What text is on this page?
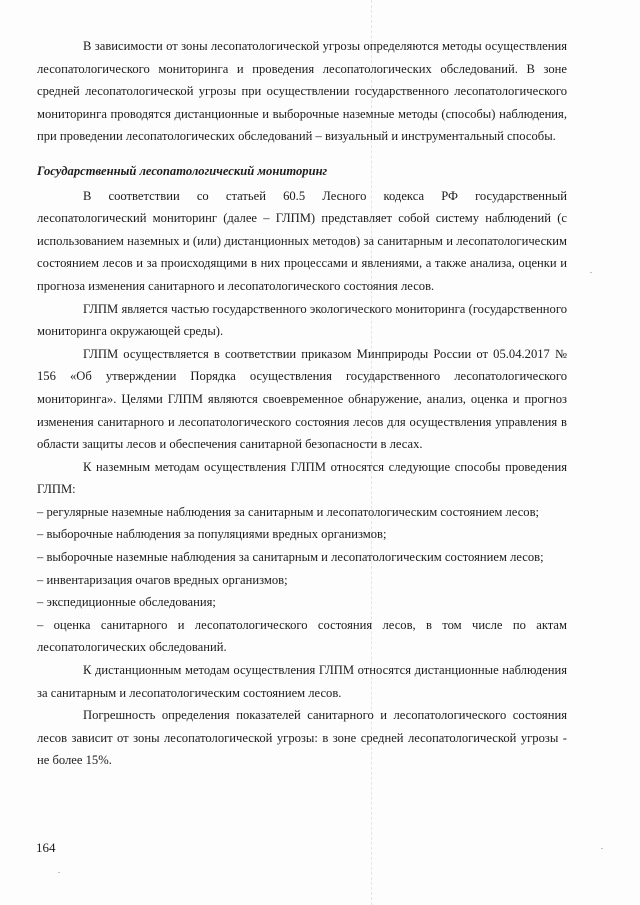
В зависимости от зоны лесопатологической угрозы определяются методы осуществления лесопатологического мониторинга и проведения лесопатологических обследований. В зоне средней лесопатологической угрозы при осуществлении государственного лесопатологического мониторинга проводятся дистанционные и выборочные наземные методы (способы) наблюдения, при проведении лесопатологических обследований – визуальный и инструментальный способы.

Государственный лесопатологический мониторинг

В соответствии со статьей 60.5 Лесного кодекса РФ государственный лесопатологический мониторинг (далее – ГЛПМ) представляет собой систему наблюдений (с использованием наземных и (или) дистанционных методов) за санитарным и лесопатологическим состоянием лесов и за происходящими в них процессами и явлениями, а также анализа, оценки и прогноза изменения санитарного и лесопатологического состояния лесов.

ГЛПМ является частью государственного экологического мониторинга (государственного мониторинга окружающей среды).

ГЛПМ осуществляется в соответствии приказом Минприроды России от 05.04.2017 № 156 «Об утверждении Порядка осуществления государственного лесопатологического мониторинга». Целями ГЛПМ являются своевременное обнаружение, анализ, оценка и прогноз изменения санитарного и лесопатологического состояния лесов для осуществления управления в области защиты лесов и обеспечения санитарной безопасности в лесах.

К наземным методам осуществления ГЛПМ относятся следующие способы проведения ГЛПМ:

– регулярные наземные наблюдения за санитарным и лесопатологическим состоянием лесов;

– выборочные наблюдения за популяциями вредных организмов;

– выборочные наземные наблюдения за санитарным и лесопатологическим состоянием лесов;

– инвентаризация очагов вредных организмов;

– экспедиционные обследования;

– оценка санитарного и лесопатологического состояния лесов, в том числе по актам лесопатологических обследований.

К дистанционным методам осуществления ГЛПМ относятся дистанционные наблюдения за санитарным и лесопатологическим состоянием лесов.

Погрешность определения показателей санитарного и лесопатологического состояния лесов зависит от зоны лесопатологической угрозы: в зоне средней лесопатологической угрозы - не более 15%.

164
